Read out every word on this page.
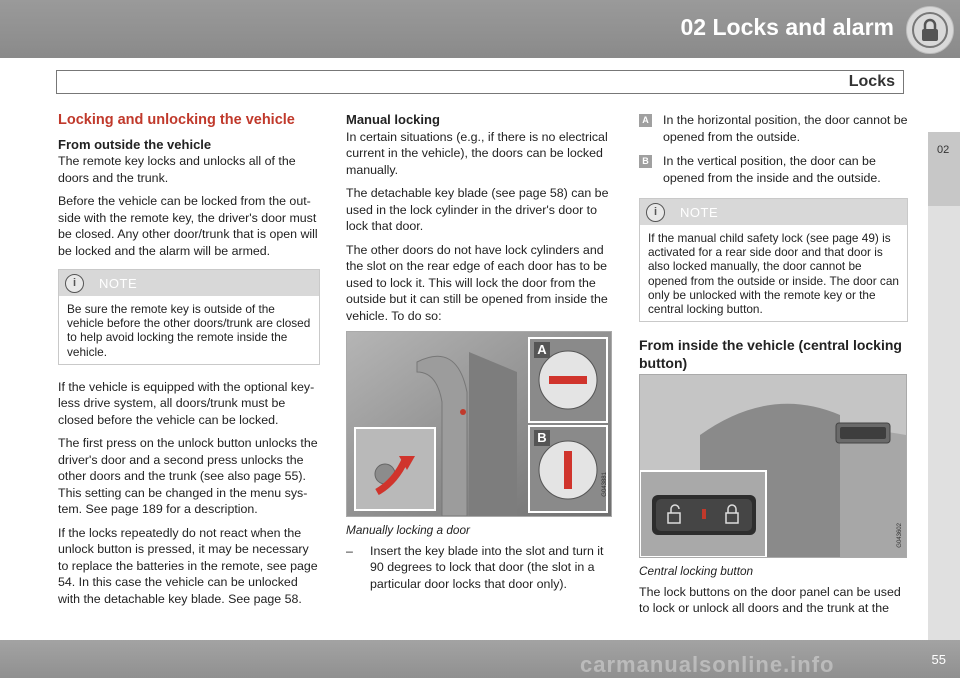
02 Locks and alarm
Locks
02
Locking and unlocking the vehicle
From outside the vehicle

The remote key locks and unlocks all of the doors and the trunk.

Before the vehicle can be locked from the out-side with the remote key, the driver's door must be closed. Any other door/trunk that is open will be locked and the alarm will be armed.

i	NOTE
Be sure the remote key is outside of the vehicle before the other doors/trunk are closed to help avoid locking the remote inside the vehicle.

If the vehicle is equipped with the optional key-less drive system, all doors/trunk must be closed before the vehicle can be locked.

The first press on the unlock button unlocks the driver's door and a second press unlocks the other doors and the trunk (see also page 55). This setting can be changed in the menu sys-tem. See page 189 for a description.

If the locks repeatedly do not react when the unlock button is pressed, it may be necessary to replace the batteries in the remote, see page 54. In this case the vehicle can be unlocked with the detachable key blade. See page 58.

Manual locking

In certain situations (e.g., if there is no electrical current in the vehicle), the doors can be locked manually.

The detachable key blade (see page 58) can be used in the lock cylinder in the driver's door to lock that door.

The other doors do not have lock cylinders and the slot on the rear edge of each door has to be used to lock it. This will lock the door from the outside but it can still be opened from inside the vehicle. To do so:

A
B
G043881
Manually locking a door
– Insert the key blade into the slot and turn it 90 degrees to lock that door (the slot in a particular door locks that door only).
A In the horizontal position, the door cannot be opened from the outside.
B In the vertical position, the door can be opened from the inside and the outside.
i	NOTE
If the manual child safety lock (see page 49) is activated for a rear side door and that door is also locked manually, the door cannot be opened from the outside or inside. The door can only be unlocked with the remote key or the central locking button.
From inside the vehicle (central locking button)
G043602
Central locking button

The lock buttons on the door panel can be used to lock or unlock all doors and the trunk at the

55
carmanualsonline.info
